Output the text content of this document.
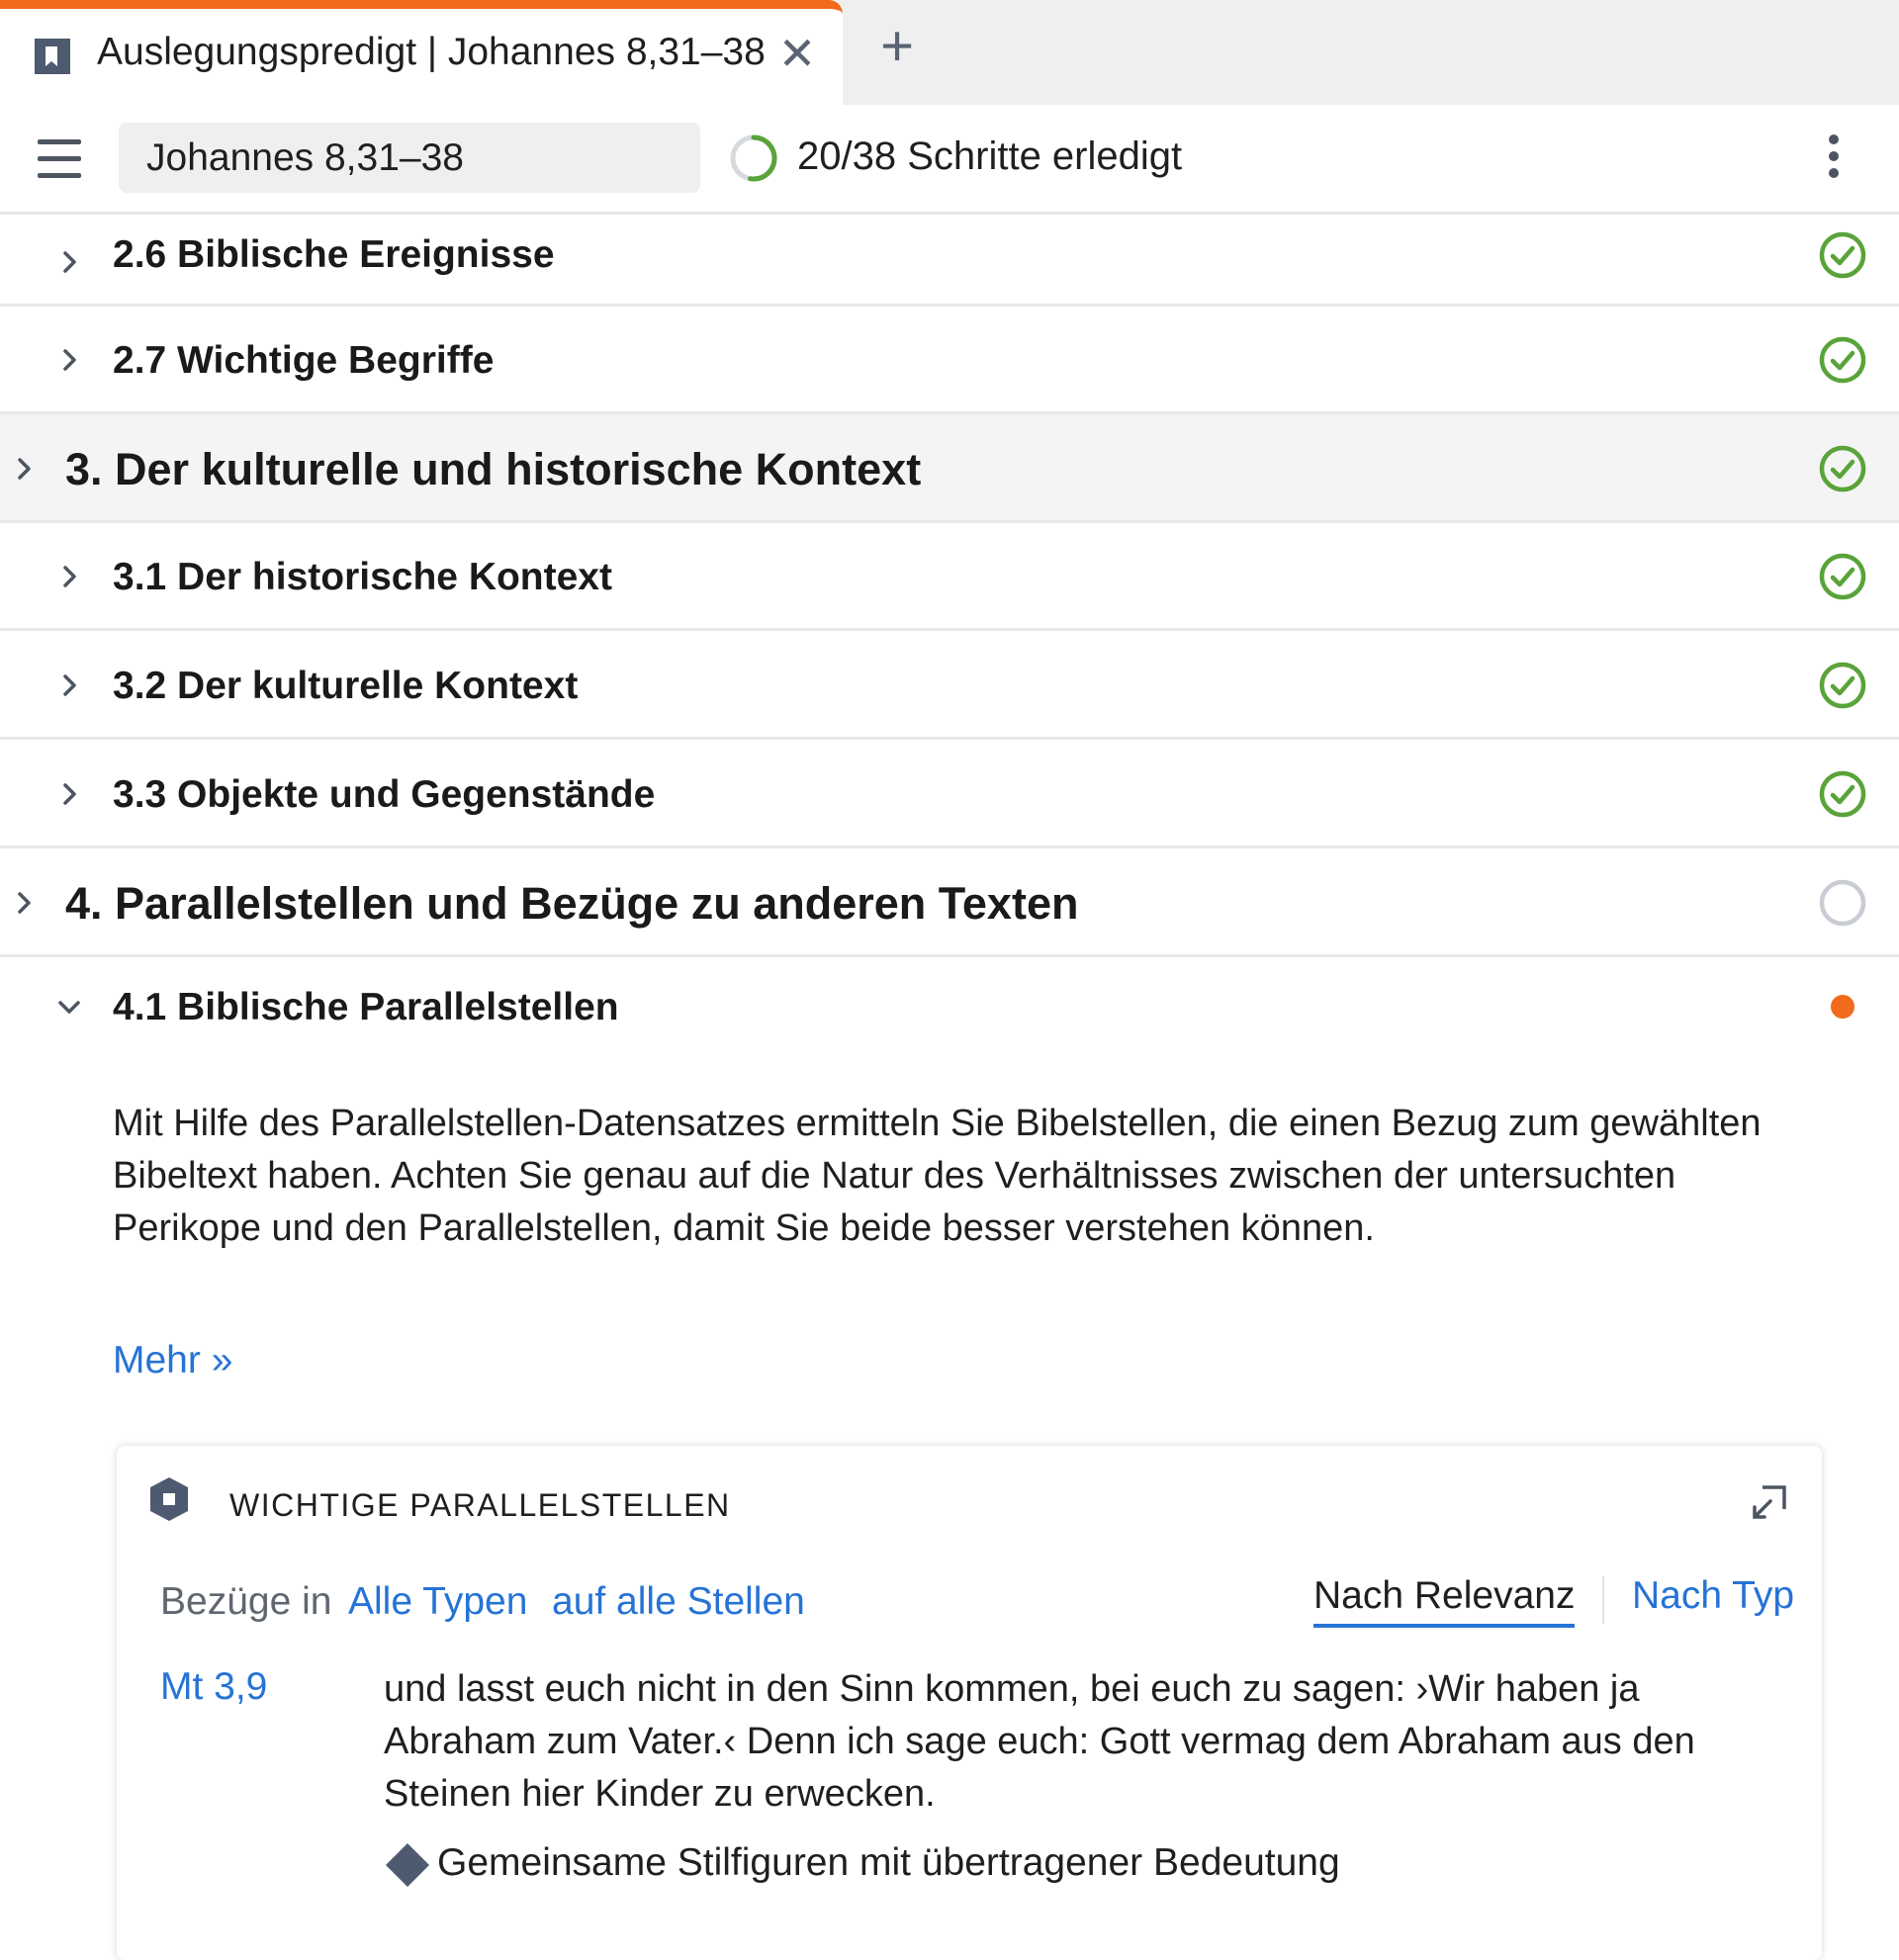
Auslegungspredigt | Johannes 8,31–38 ✕ +
Johannes 8,31–38
20/38 Schritte erledigt
2.6 Biblische Ereignisse
2.7 Wichtige Begriffe
3. Der kulturelle und historische Kontext
3.1 Der historische Kontext
3.2 Der kulturelle Kontext
3.3 Objekte und Gegenstände
4. Parallelstellen und Bezüge zu anderen Texten
4.1 Biblische Parallelstellen
Mit Hilfe des Parallelstellen-Datensatzes ermitteln Sie Bibelstellen, die einen Bezug zum gewählten Bibeltext haben. Achten Sie genau auf die Natur des Verhältnisses zwischen der untersuchten Perikope und den Parallelstellen, damit Sie beide besser verstehen können.
Mehr »
WICHTIGE PARALLELSTELLEN
Bezüge in Alle Typen auf alle Stellen	Nach Relevanz Nach Typ
Mt 3,9	und lasst euch nicht in den Sinn kommen, bei euch zu sagen: ›Wir haben ja Abraham zum Vater.‹ Denn ich sage euch: Gott vermag dem Abraham aus den Steinen hier Kinder zu erwecken.
Gemeinsame Stilfiguren mit übertragener Bedeutung
